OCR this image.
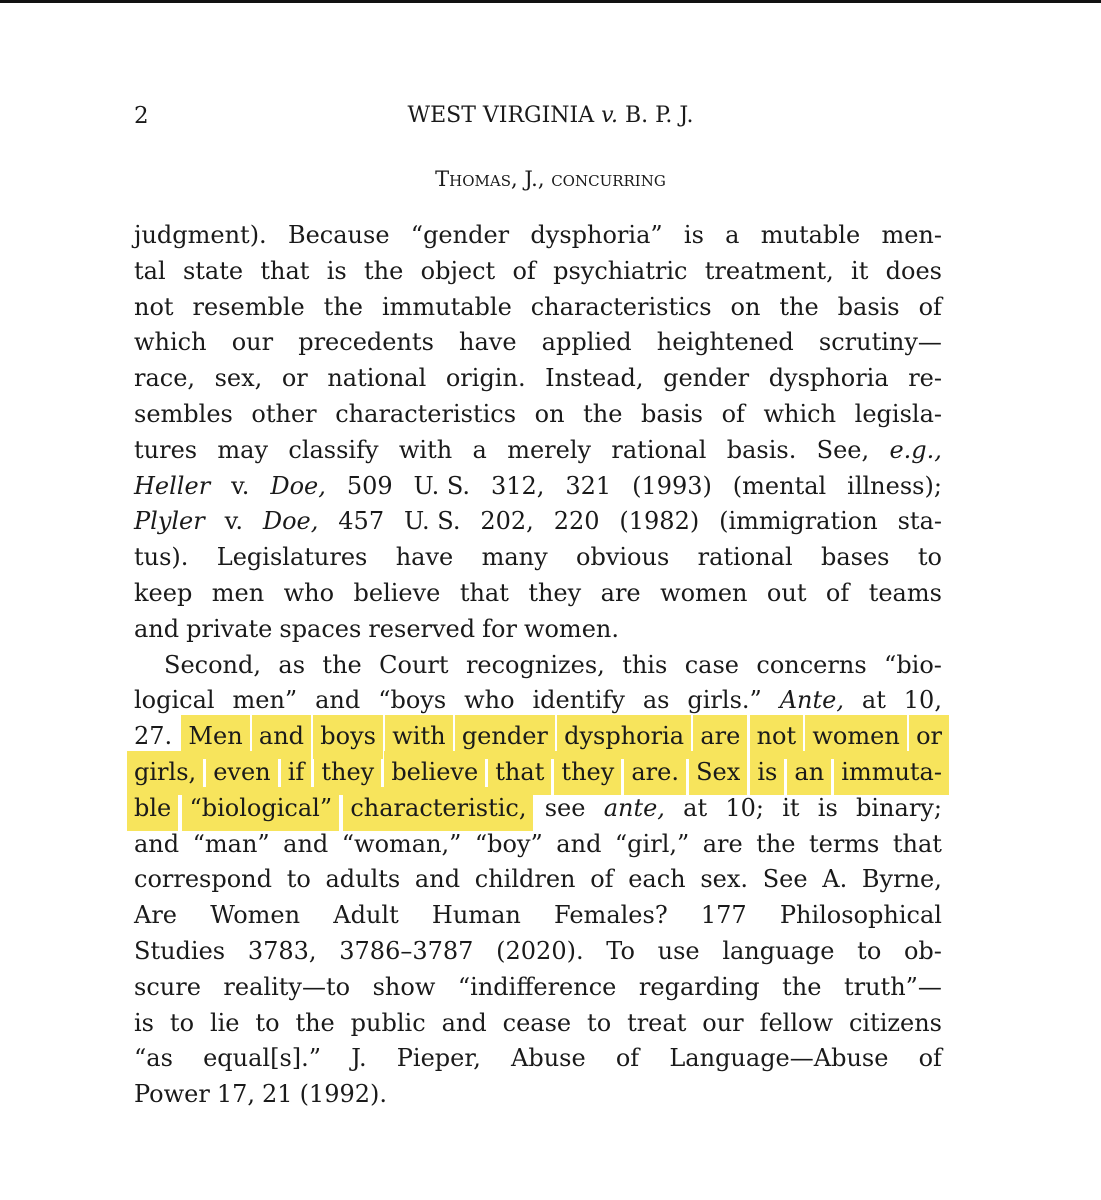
2	WEST VIRGINIA v. B. P. J.
Thomas, J., concurring
judgment). Because “gender dysphoria” is a mutable men-
tal state that is the object of psychiatric treatment, it does
not resemble the immutable characteristics on the basis of
which our precedents have applied heightened scrutiny—
race, sex, or national origin. Instead, gender dysphoria re-
sembles other characteristics on the basis of which legisla-
tures may classify with a merely rational basis. See, e.g.,
Heller v. Doe, 509 U. S. 312, 321 (1993) (mental illness);
Plyler v. Doe, 457 U. S. 202, 220 (1982) (immigration sta-
tus). Legislatures have many obvious rational bases to
keep men who believe that they are women out of teams
and private spaces reserved for women.
Second, as the Court recognizes, this case concerns “bio-
logical men” and “boys who identify as girls.” Ante, at 10,
27. Men and boys with gender dysphoria are not women or
girls, even if they believe that they are. Sex is an immuta-
ble “biological” characteristic, see ante, at 10; it is binary;
and “man” and “woman,” “boy” and “girl,” are the terms that
correspond to adults and children of each sex. See A. Byrne,
Are Women Adult Human Females? 177 Philosophical
Studies 3783, 3786–3787 (2020). To use language to ob-
scure reality—to show “indifference regarding the truth”—
is to lie to the public and cease to treat our fellow citizens
“as equal[s].” J. Pieper, Abuse of Language—Abuse of
Power 17, 21 (1992).
